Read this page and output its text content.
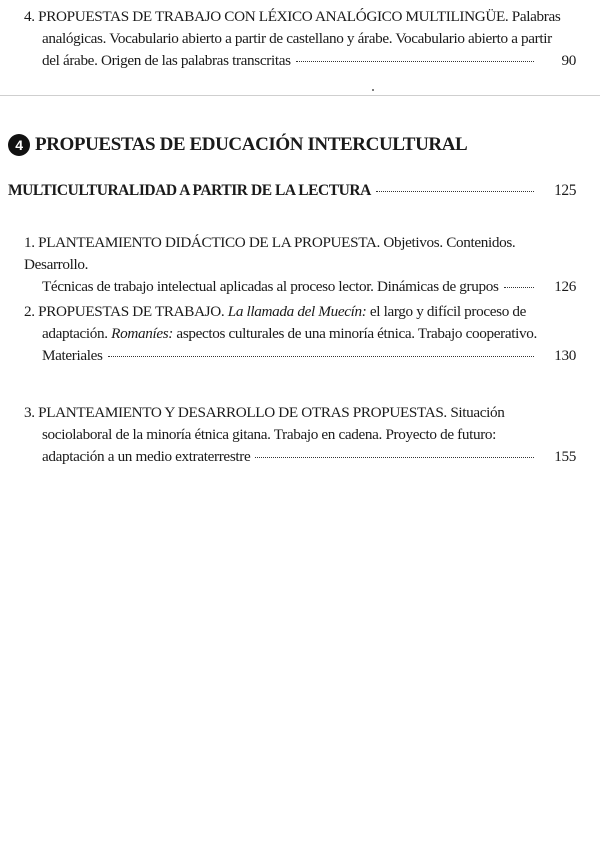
4. PROPUESTAS DE TRABAJO CON LÉXICO ANALÓGICO MULTILINGÜE. Palabras
analógicas. Vocabulario abierto a partir de castellano y árabe. Vocabulario abierto a partir
del árabe. Origen de las palabras transcritas	90
4 PROPUESTAS DE EDUCACIÓN INTERCULTURAL
MULTICULTURALIDAD A PARTIR DE LA LECTURA	125
1. PLANTEAMIENTO DIDÁCTICO DE LA PROPUESTA. Objetivos. Contenidos. Desarrollo.
Técnicas de trabajo intelectual aplicadas al proceso lector. Dinámicas de grupos	126
2. PROPUESTAS DE TRABAJO. La llamada del Muecín: el largo y difícil proceso de
adaptación. Romaníes: aspectos culturales de una minoría étnica. Trabajo cooperativo.
Materiales	130
3. PLANTEAMIENTO Y DESARROLLO DE OTRAS PROPUESTAS. Situación
sociolaboral de la minoría étnica gitana. Trabajo en cadena. Proyecto de futuro:
adaptación a un medio extraterrestre	155
